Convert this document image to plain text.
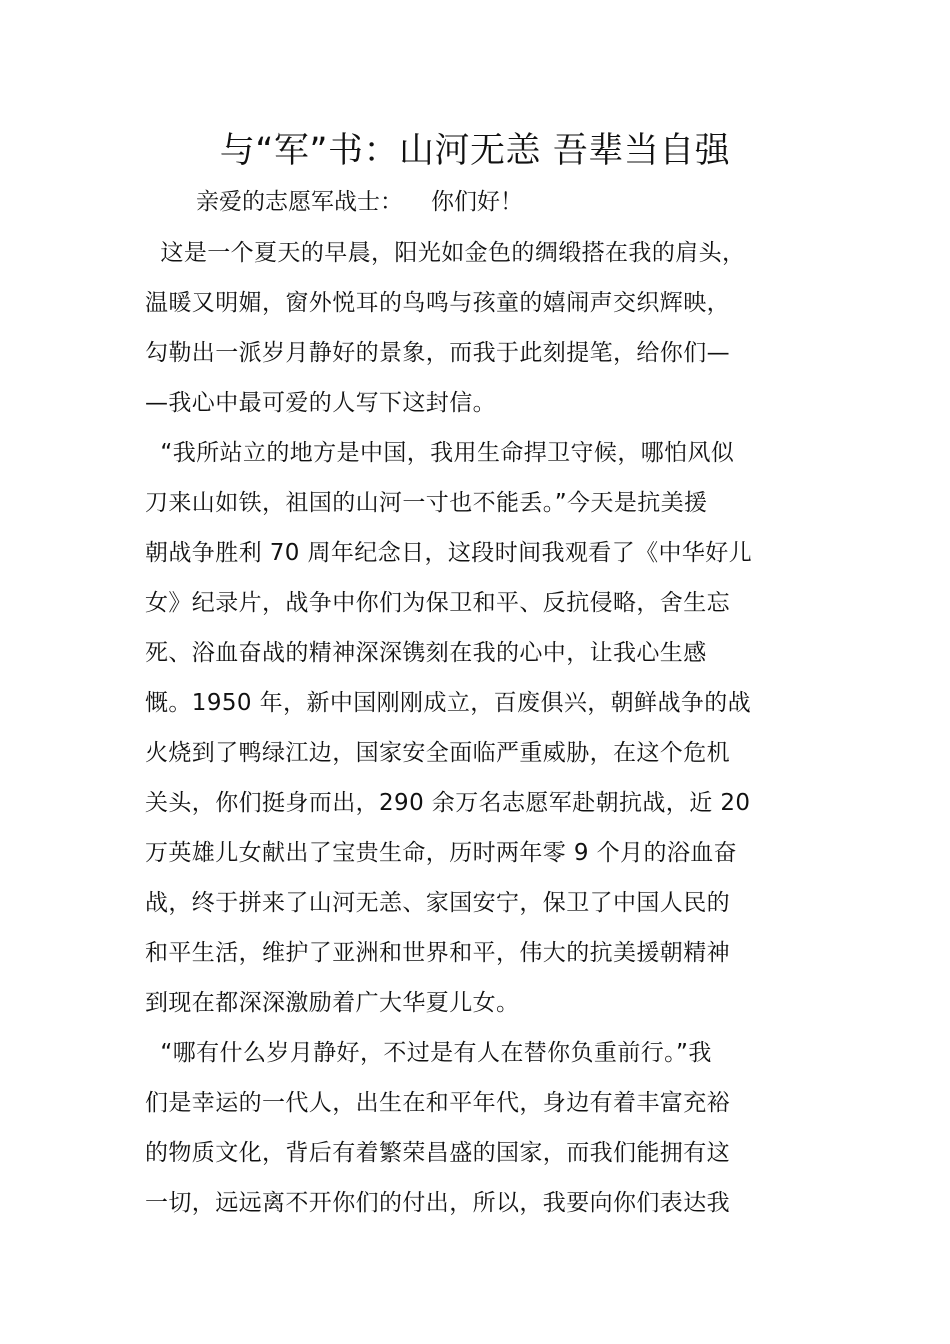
与“军”书：山河无恙 吾辈当自强
亲爱的志愿军战士： 你们好！
这是一个夏天的早晨，阳光如金色的绸缎搭在我的肩头，
温暖又明媚，窗外悦耳的鸟鸣与孩童的嬉闹声交织辉映，
勾勒出一派岁月静好的景象，而我于此刻提笔，给你们—
—我心中最可爱的人写下这封信。
“我所站立的地方是中国，我用生命捍卫守候，哪怕风似
刀来山如铁，祖国的山河一寸也不能丢。”今天是抗美援
朝战争胜利 70 周年纪念日，这段时间我观看了《中华好儿
女》纪录片，战争中你们为保卫和平、反抗侵略，舍生忘
死、浴血奋战的精神深深镌刻在我的心中，让我心生感
慨。1950 年，新中国刚刚成立，百废俱兴，朝鲜战争的战
火烧到了鸭绿江边，国家安全面临严重威胁，在这个危机
关头，你们挺身而出，290 余万名志愿军赴朝抗战，近 20
万英雄儿女献出了宝贵生命，历时两年零 9 个月的浴血奋
战，终于拼来了山河无恙、家国安宁，保卫了中国人民的
和平生活，维护了亚洲和世界和平，伟大的抗美援朝精神
到现在都深深激励着广大华夏儿女。
“哪有什么岁月静好，不过是有人在替你负重前行。”我
们是幸运的一代人，出生在和平年代，身边有着丰富充裕
的物质文化，背后有着繁荣昌盛的国家，而我们能拥有这
一切，远远离不开你们的付出，所以，我要向你们表达我
